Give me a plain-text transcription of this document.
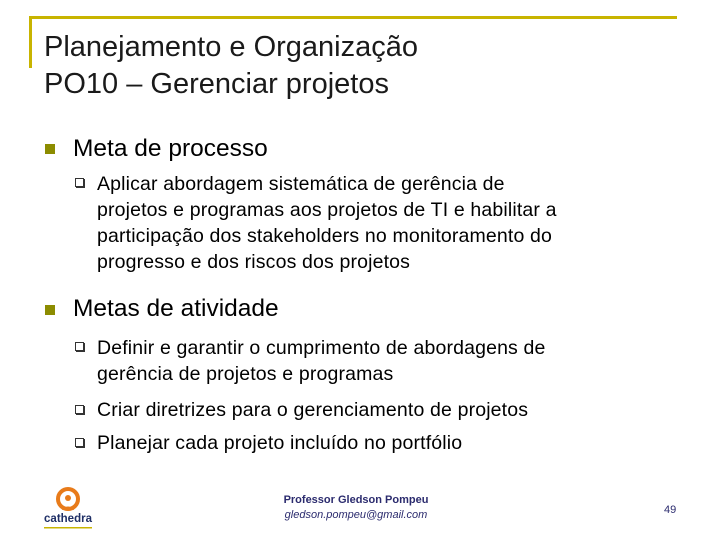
Planejamento e Organização
PO10 – Gerenciar projetos
Meta de processo
Aplicar abordagem sistemática de gerência de
projetos e programas aos projetos de TI e habilitar a
participação dos stakeholders no monitoramento do
progresso e dos riscos dos projetos
Metas de atividade
Definir e garantir o cumprimento de abordagens de
gerência de projetos e programas
Criar diretrizes para o gerenciamento de projetos
Planejar cada projeto incluído no portfólio
cathedra
Professor Gledson Pompeu
gledson.pompeu@gmail.com	49
